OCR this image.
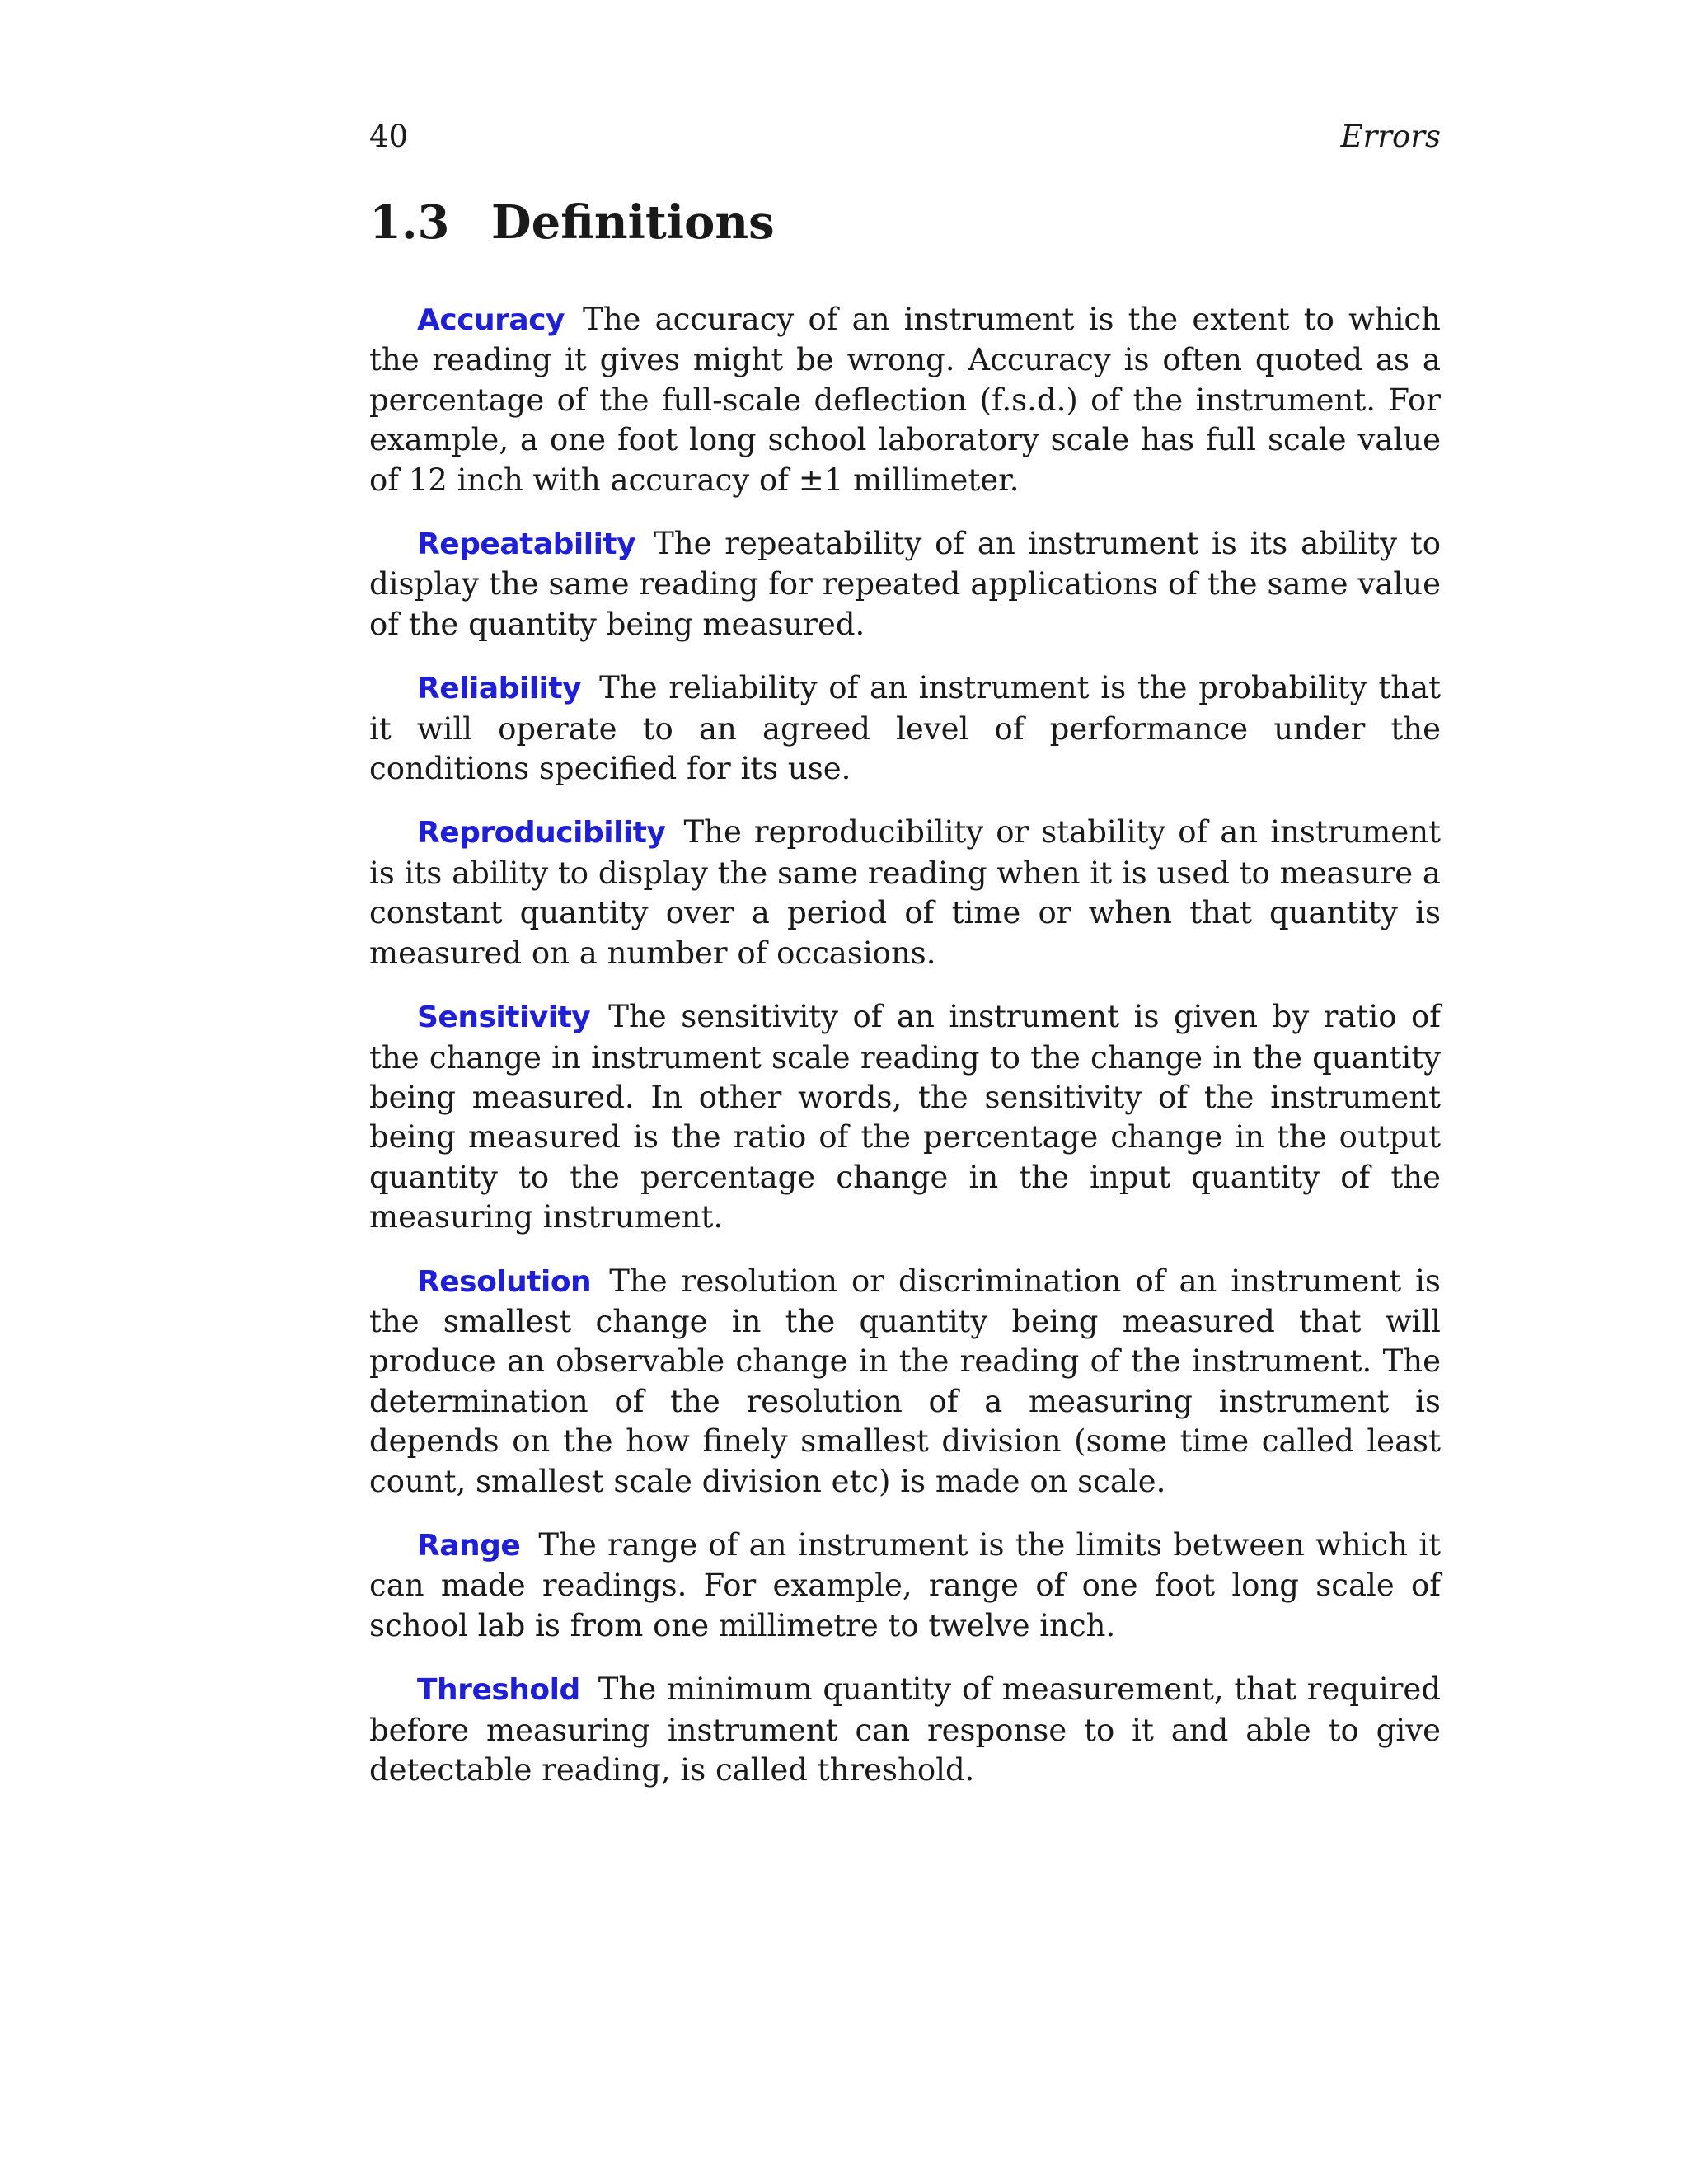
40	Errors
1.3 Definitions

Accuracy The accuracy of an instrument is the extent to which the reading it gives might be wrong. Accuracy is often quoted as a percentage of the full-scale deflection (f.s.d.) of the instrument. For example, a one foot long school laboratory scale has full scale value of 12 inch with accuracy of ±1 millimeter.

Repeatability The repeatability of an instrument is its ability to display the same reading for repeated applications of the same value of the quantity being measured.

Reliability The reliability of an instrument is the probability that it will operate to an agreed level of performance under the conditions specified for its use.

Reproducibility The reproducibility or stability of an instrument is its ability to display the same reading when it is used to measure a constant quantity over a period of time or when that quantity is measured on a number of occasions.

Sensitivity The sensitivity of an instrument is given by ratio of the change in instrument scale reading to the change in the quantity being measured. In other words, the sensitivity of the instrument being measured is the ratio of the percentage change in the output quantity to the percentage change in the input quantity of the measuring instrument.

Resolution The resolution or discrimination of an instrument is the smallest change in the quantity being measured that will produce an observable change in the reading of the instrument. The determination of the resolution of a measuring instrument is depends on the how finely smallest division (some time called least count, smallest scale division etc) is made on scale.

Range The range of an instrument is the limits between which it can made readings. For example, range of one foot long scale of school lab is from one millimetre to twelve inch.

Threshold The minimum quantity of measurement, that required before measuring instrument can response to it and able to give detectable reading, is called threshold.
